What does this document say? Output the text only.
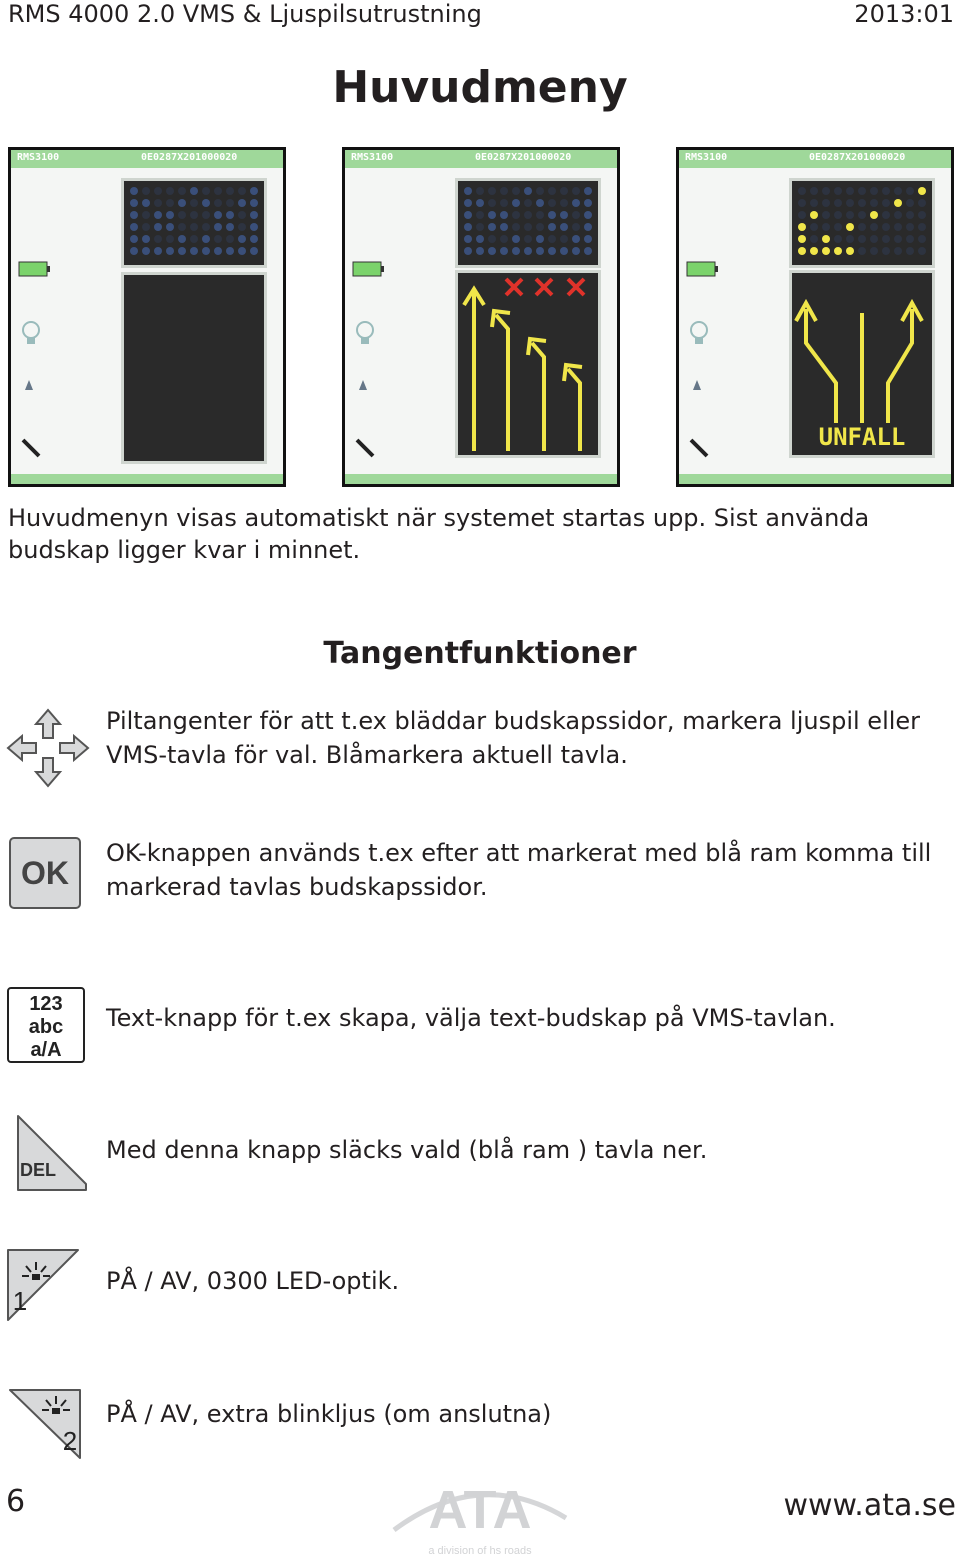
RMS 4000 2.0 VMS & Ljuspilsutrustning	2013:01
Huvudmeny
RMS3100	0E0287X201000020	RMS3100	0E0287X201000020	RMS3100	0E0287X201000020
UNFALL
Huvudmenyn visas automatiskt när systemet startas upp. Sist använda budskap ligger kvar i minnet.
Tangentfunktioner
Piltangenter för att t.ex bläddar budskapssidor, markera ljuspil eller VMS-tavla för val. Blåmarkera aktuell tavla.
OK
OK-knappen används t.ex efter att markerat med blå ram komma till markerad tavlas budskapssidor.
123
abc
a/A
Text-knapp för t.ex skapa, välja text-budskap på VMS-tavlan.
DEL
Med denna knapp släcks vald (blå ram ) tavla ner.
1
PÅ / AV, 0300 LED-optik.
2
PÅ / AV, extra blinkljus (om anslutna)
6	ATA
a division of hs roads
www.ata.se
